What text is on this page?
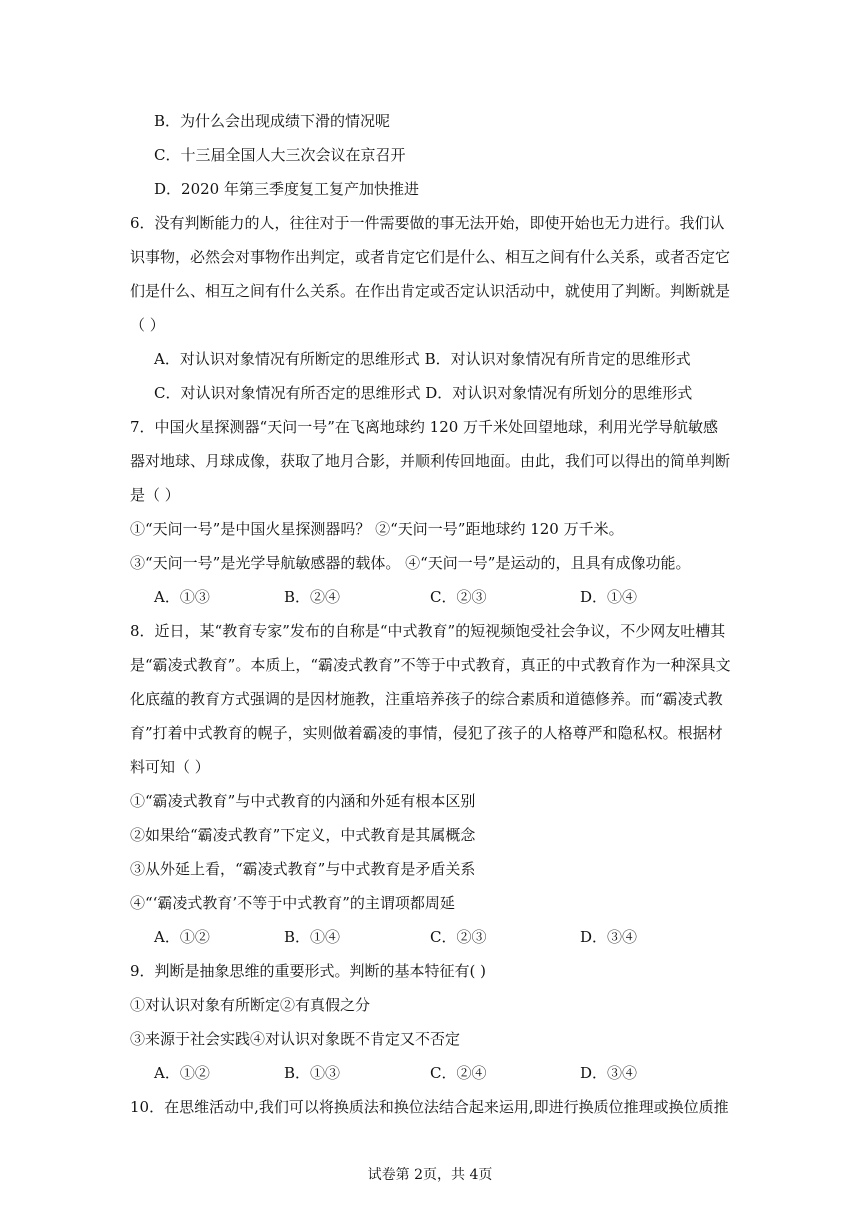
B．为什么会出现成绩下滑的情况呢
C．十三届全国人大三次会议在京召开
D．2020 年第三季度复工复产加快推进
6．没有判断能力的人，往往对于一件需要做的事无法开始，即使开始也无力进行。我们认
识事物，必然会对事物作出判定，或者肯定它们是什么、相互之间有什么关系，或者否定它
们是什么、相互之间有什么关系。在作出肯定或否定认识活动中，就使用了判断。判断就是
（ ）
A．对认识对象情况有所断定的思维形式 B．对认识对象情况有所肯定的思维形式
C．对认识对象情况有所否定的思维形式 D．对认识对象情况有所划分的思维形式
7．中国火星探测器“天问一号”在飞离地球约 120 万千米处回望地球，利用光学导航敏感
器对地球、月球成像，获取了地月合影，并顺利传回地面。由此，我们可以得出的简单判断
是（ ）
①“天问一号”是中国火星探测器吗？ ②“天问一号”距地球约 120 万千米。
③“天问一号”是光学导航敏感器的载体。 ④“天问一号”是运动的，且具有成像功能。
A．①③	B．②④	C．②③	D．①④
8．近日，某“教育专家”发布的自称是“中式教育”的短视频饱受社会争议，不少网友吐槽其
是“霸凌式教育”。本质上，“霸凌式教育”不等于中式教育，真正的中式教育作为一种深具文
化底蕴的教育方式强调的是因材施教，注重培养孩子的综合素质和道德修养。而“霸凌式教
育”打着中式教育的幌子，实则做着霸凌的事情，侵犯了孩子的人格尊严和隐私权。根据材
料可知（ ）
①“霸凌式教育”与中式教育的内涵和外延有根本区别
②如果给“霸凌式教育”下定义，中式教育是其属概念
③从外延上看，“霸凌式教育”与中式教育是矛盾关系
④“‘霸凌式教育’不等于中式教育”的主谓项都周延
A．①②	B．①④	C．②③	D．③④
9．判断是抽象思维的重要形式。判断的基本特征有( )
①对认识对象有所断定②有真假之分
③来源于社会实践④对认识对象既不肯定又不否定
A．①②	B．①③	C．②④	D．③④
10．在思维活动中,我们可以将换质法和换位法结合起来运用,即进行换质位推理或换位质推
试卷第 2页，共 4页
